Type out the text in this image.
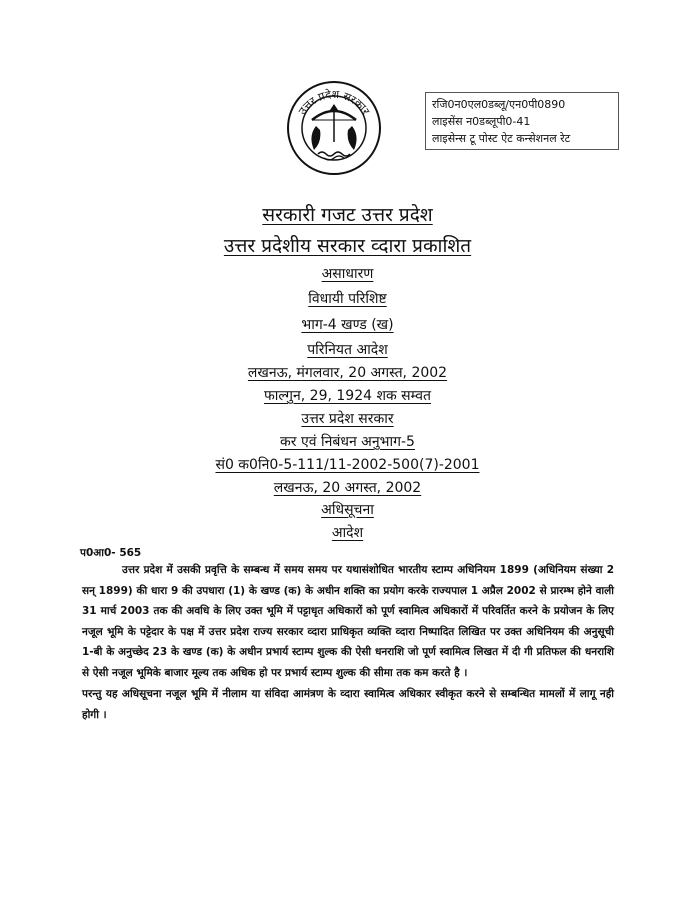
उत्तर प्रदेश सरकार
रजि0न0एल0डब्लू/एन0पी0890
लाइसेंस न0डब्लूपी0-41
लाइसेन्स टू पोस्ट ऐट कन्सेशनल रेट
सरकारी गजट उत्तर प्रदेश
उत्तर प्रदेशीय सरकार व्दारा प्रकाशित
असाधारण
विधायी परिशिष्ट
भाग-4 खण्ड (ख)
परिनियत आदेश
लखनऊ, मंगलवार, 20 अगस्त, 2002
फाल्गुन, 29, 1924 शक सम्वत
उत्तर प्रदेश सरकार
कर एवं निबंधन अनुभाग-5
सं0 क0नि0-5-111/11-2002-500(7)-2001
लखनऊ, 20 अगस्त, 2002
अधिसूचना
आदेश
प0आ0- 565

उत्तर प्रदेश में उसकी प्रवृत्ति के सम्बन्ध में समय समय पर यथासंशोधित भारतीय स्टाम्प अधिनियम 1899 (अधिनियम संख्या 2 सन् 1899) की धारा 9 की उपधारा (1) के खण्ड (क) के अधीन शक्ति का प्रयोग करके राज्यपाल 1 अप्रैल 2002 से प्रारम्भ होने वाली 31 मार्च 2003 तक की अवधि के लिए उक्त भूमि में पट्टाधृत अधिकारों को पूर्ण स्वामित्व अधिकारों में परिवर्तित करने के प्रयोजन के लिए नजूल भूमि के पट्टेदार के पक्ष में उत्तर प्रदेश राज्य सरकार व्दारा प्राधिकृत व्यक्ति व्दारा निष्पादित लिखित पर उक्त अधिनियम की अनुसूची 1-बी के अनुच्छेद 23 के खण्ड (क) के अधीन प्रभार्य स्टाम्प शुल्क की ऐसी धनराशि जो पूर्ण स्वामित्व लिखत में दी गी प्रतिफल की धनराशि से ऐसी नजूल भूमिके बाजार मूल्य तक अधिक हो पर प्रभार्य स्टाम्प शुल्क की सीमा तक कम करते है ।

परन्तु यह अधिसूचना नजूल भूमि में नीलाम या संविदा आमंत्रण के व्दारा स्वामित्व अधिकार स्वीकृत करने से सम्बन्धित मामलों में लागू नही होगी ।
